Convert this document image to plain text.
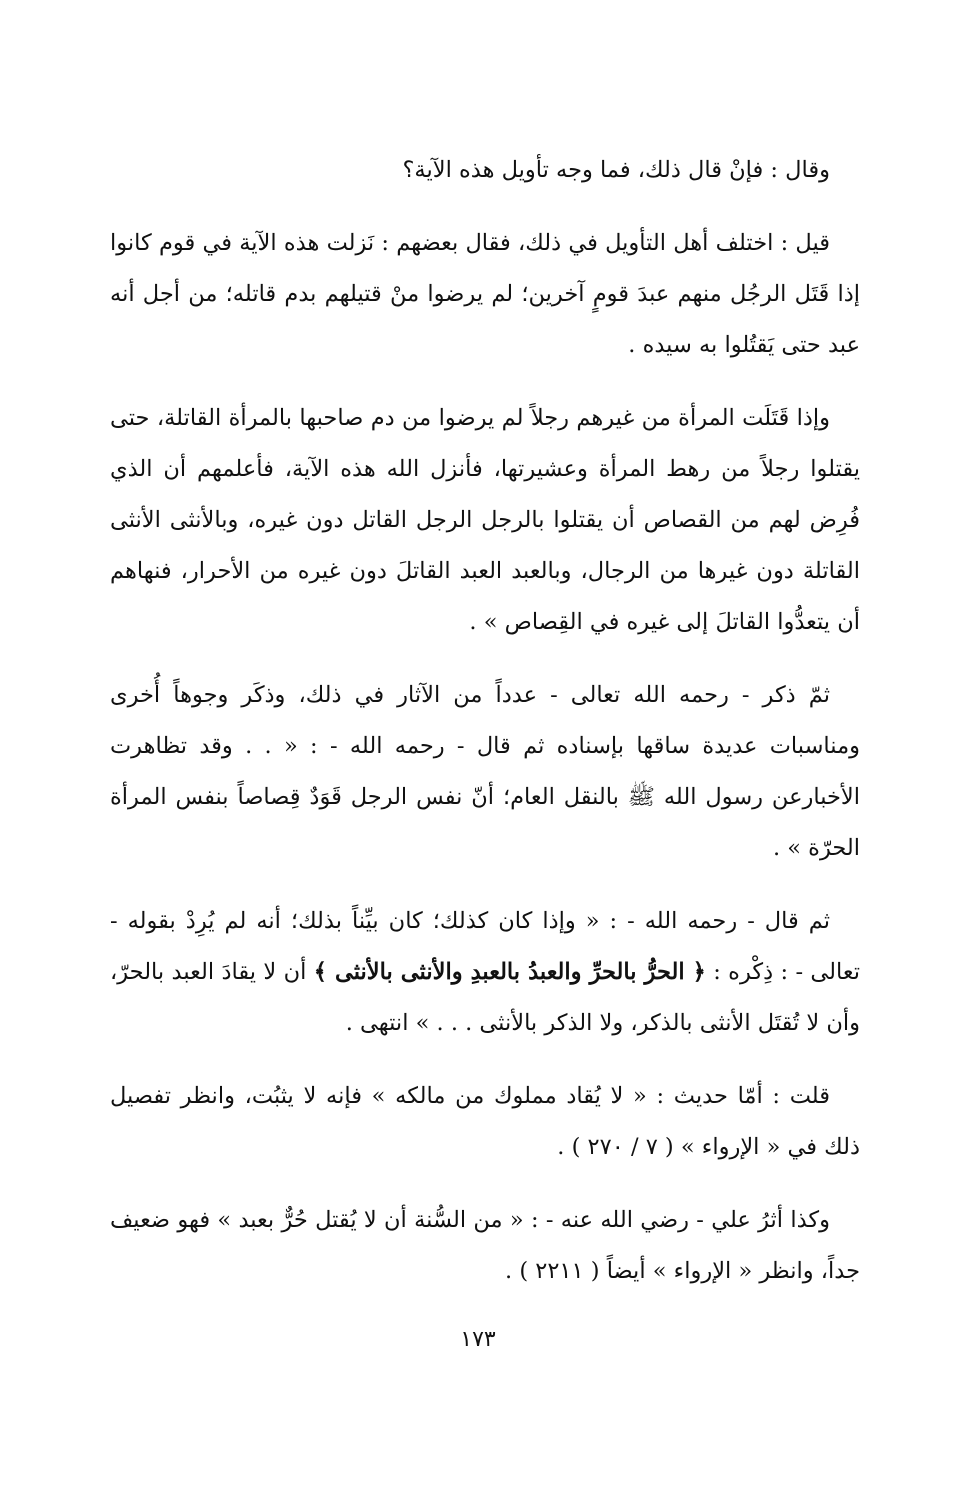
وقال : فإنْ قال ذلك، فما وجه تأويل هذه الآية؟

قيل : اختلف أهل التأويل في ذلك، فقال بعضهم : نَزلت هذه الآية في قوم كانوا إذا قَتَل الرجُل منهم عبدَ قومٍ آخرين؛ لم يرضوا منْ قتيلهم بدم قاتله؛ من أجل أنه عبد حتى يَقتُلوا به سيده .

وإذا قَتَلَت المرأة من غيرهم رجلاً لم يرضوا من دم صاحبها بالمرأة القاتلة، حتى يقتلوا رجلاً من رهط المرأة وعشيرتها، فأنزل الله هذه الآية، فأعلمهم أن الذي فُرِض لهم من القصاص أن يقتلوا بالرجل الرجل القاتل دون غيره، وبالأنثى الأنثى القاتلة دون غيرها من الرجال، وبالعبد العبد القاتلَ دون غيره من الأحرار، فنهاهم أن يتعدُّوا القاتلَ إلى غيره في القِصاص » .

ثمّ ذكر - رحمه الله تعالى - عدداً من الآثار في ذلك، وذكَر وجوهاً أُخرى ومناسبات عديدة ساقها بإسناده ثم قال - رحمه الله - : « . . وقد تظاهرت الأخبارعن رسول الله ﷺ بالنقل العام؛ أنّ نفس الرجل قَوَدٌ قِصاصاً بنفس المرأة الحرّة » .

ثم قال - رحمه الله - : « وإذا كان كذلك؛ كان بيِّناً بذلك؛ أنه لم يُرِدْ بقوله - تعالى - : ذِكْره : ﴿ الحرُّ بالحرِّ والعبدُ بالعبدِ والأنثى بالأنثى ﴾ أن لا يقادَ العبد بالحرّ، وأن لا تُقتَل الأنثى بالذكر، ولا الذكر بالأنثى . . . » انتهى .

قلت : أمّا حديث : « لا يُقاد مملوك من مالكه » فإنه لا يثبُت، وانظر تفصيل ذلك في « الإرواء » ( ٧ / ٢٧٠ ) .

وكذا أثرُ علي - رضي الله عنه - : « من السُّنة أن لا يُقتل حُرٌّ بعبد » فهو ضعيف جداً، وانظر « الإرواء » أيضاً ( ٢٢١١ ) .

١٧٣
